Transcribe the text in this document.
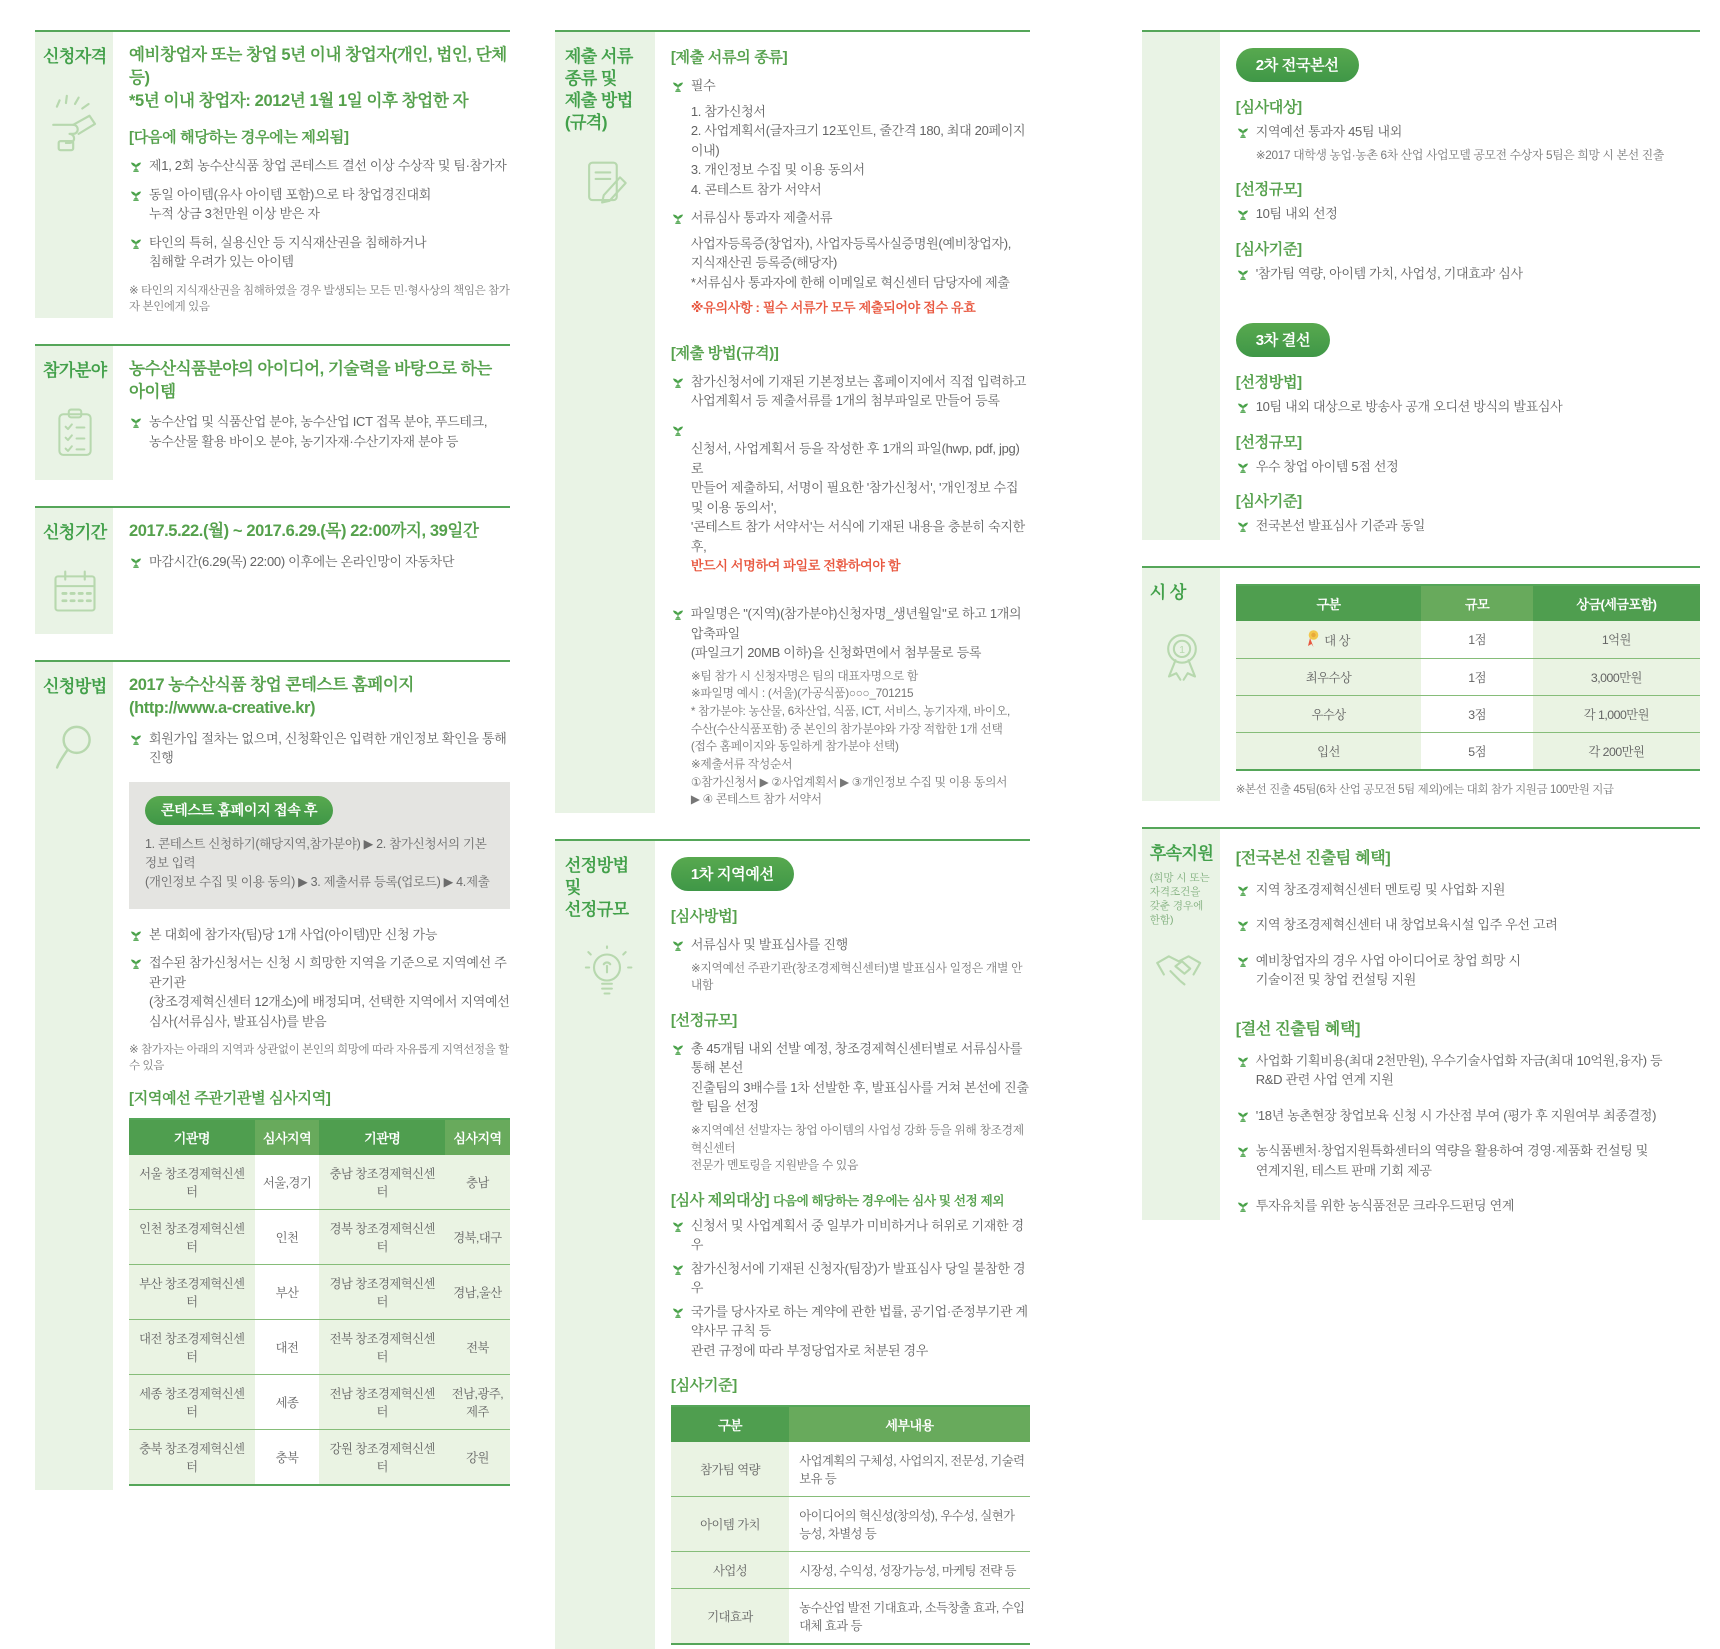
신청자격 예비창업자 또는 창업 5년 이내 창업자(개인, 법인, 단체 등)
*5년 이내 창업자: 2012년 1월 1일 이후 창업한 자
[다음에 해당하는 경우에는 제외됨]
제1, 2회 농수산식품 창업 콘테스트 결선 이상 수상작 및 팀·참가자
동일 아이템(유사 아이템 포함)으로 타 창업경진대회
누적 상금 3천만원 이상 받은 자
타인의 특허, 실용신안 등 지식재산권을 침해하거나
침해할 우려가 있는 아이템
※ 타인의 지식재산권을 침해하였을 경우 발생되는 모든 민·형사상의 책임은 참가자 본인에게 있음
참가분야 농수산식품분야의 아이디어, 기술력을 바탕으로 하는 아이템
농수산업 및 식품산업 분야, 농수산업 ICT 접목 분야, 푸드테크,
농수산물 활용 바이오 분야, 농기자재·수산기자재 분야 등
신청기간 2017.5.22.(월) ~ 2017.6.29.(목) 22:00까지, 39일간
마감시간(6.29(목) 22:00) 이후에는 온라인망이 자동차단
신청방법 2017 농수산식품 창업 콘테스트 홈페이지(http://www.a-creative.kr)
회원가입 절차는 없으며, 신청확인은 입력한 개인정보 확인을 통해 진행
콘테스트 홈페이지 접속 후
1. 콘테스트 신청하기(해당지역,참가분야) ▶ 2. 참가신청서의 기본정보 입력
(개인정보 수집 및 이용 동의) ▶ 3. 제출서류 등록(업로드) ▶ 4.제출
본 대회에 참가자(팀)당 1개 사업(아이템)만 신청 가능
접수된 참가신청서는 신청 시 희망한 지역을 기준으로 지역예선 주관기관
(창조경제혁신센터 12개소)에 배정되며, 선택한 지역에서 지역예선
심사(서류심사, 발표심사)를 받음
※ 참가자는 아래의 지역과 상관없이 본인의 희망에 따라 자유롭게 지역선정을 할 수 있음
[지역예선 주관기관별 심사지역]
기관명	심사지역	기관명	심사지역
서울 창조경제혁신센터	서울,경기	충남 창조경제혁신센터	충남
인천 창조경제혁신센터	인천	경북 창조경제혁신센터	경북,대구
부산 창조경제혁신센터	부산	경남 창조경제혁신센터	경남,울산
대전 창조경제혁신센터	대전	전북 창조경제혁신센터	전북
세종 창조경제혁신센터	세종	전남 창조경제혁신센터	전남,광주,제주
충북 창조경제혁신센터	충북	강원 창조경제혁신센터	강원
제출 서류
종류 및
제출 방법
(규격)
[제출 서류의 종류]
필수
1. 참가신청서
2. 사업계획서(글자크기 12포인트, 줄간격 180, 최대 20페이지 이내)
3. 개인정보 수집 및 이용 동의서
4. 콘테스트 참가 서약서
서류심사 통과자 제출서류
사업자등록증(창업자), 사업자등록사실증명원(예비창업자),
지식재산권 등록증(해당자)
*서류심사 통과자에 한해 이메일로 혁신센터 담당자에 제출
※유의사항 : 필수 서류가 모두 제출되어야 접수 유효
[제출 방법(규격)]
참가신청서에 기재된 기본정보는 홈페이지에서 직접 입력하고
사업계획서 등 제출서류를 1개의 첨부파일로 만들어 등록

신청서, 사업계획서 등을 작성한 후 1개의 파일(hwp, pdf, jpg)로
만들어 제출하되, 서명이 필요한 '참가신청서', '개인정보 수집 및 이용 동의서',
'콘테스트 참가 서약서'는 서식에 기재된 내용을 충분히 숙지한 후,

반드시 서명하여 파일로 전환하여야 함

파일명은 "(지역)(참가분야)신청자명_생년월일"로 하고 1개의 압축파일
(파일크기 20MB 이하)을 신청화면에서 첨부물로 등록
※팀 참가 시 신청자명은 팀의 대표자명으로 함
※파일명 예시 : (서울)(가공식품)○○○_701215
* 참가분야: 농산물, 6차산업, 식품, ICT, 서비스, 농기자재, 바이오,
수산(수산식품포함) 중 본인의 참가분야와 가장 적합한 1개 선택
(접수 홈페이지와 동일하게 참가분야 선택)
※제출서류 작성순서
①참가신청서 ▶ ②사업계획서 ▶ ③개인정보 수집 및 이용 동의서
▶ ④ 콘테스트 참가 서약서
선정방법
및
선정규모
1차 지역예선
[심사방법]
서류심사 및 발표심사를 진행
※지역예선 주관기관(창조경제혁신센터)별 발표심사 일정은 개별 안내함
[선정규모]
총 45개팀 내외 선발 예정, 창조경제혁신센터별로 서류심사를 통해 본선
진출팀의 3배수를 1차 선발한 후, 발표심사를 거쳐 본선에 진출할 팀을 선정
※지역예선 선발자는 창업 아이템의 사업성 강화 등을 위해 창조경제혁신센터
전문가 멘토링을 지원받을 수 있음
[심사 제외대상] 다음에 해당하는 경우에는 심사 및 선정 제외
신청서 및 사업계획서 중 일부가 미비하거나 허위로 기재한 경우
참가신청서에 기재된 신청자(팀장)가 발표심사 당일 불참한 경우
국가를 당사자로 하는 계약에 관한 법률, 공기업·준정부기관 계약사무 규칙 등
관련 규정에 따라 부정당업자로 처분된 경우
[심사기준]
구분	세부내용
참가팀 역량	사업계획의 구체성, 사업의지, 전문성, 기술력 보유 등
아이템 가치	아이디어의 혁신성(창의성), 우수성, 실현가능성, 차별성 등
사업성	시장성, 수익성, 성장가능성, 마케팅 전략 등
기대효과	농수산업 발전 기대효과, 소득창출 효과, 수입대체 효과 등
2차 전국본선
[심사대상]
지역예선 통과자 45팀 내외
※2017 대학생 농업·농촌 6차 산업 사업모델 공모전 수상자 5팀은 희망 시 본선 진출
[선정규모]
10팀 내외 선정
[심사기준]
'참가팀 역량, 아이템 가치, 사업성, 기대효과' 심사
3차 결선
[선정방법]
10팀 내외 대상으로 방송사 공개 오디션 방식의 발표심사
[선정규모]
우수 창업 아이템 5점 선정
[심사기준]
전국본선 발표심사 기준과 동일
시 상
1
구분	규모	상금(세금포함)
대 상	1점	1억원
최우수상	1점	3,000만원
우수상	3점	각 1,000만원
입선	5점	각 200만원
※본선 진출 45팀(6차 산업 공모전 5팀 제외)에는 대회 참가 지원금 100만원 지급
후속지원
(희망 시 또는
자격조건을
갖춘 경우에
한함)
[전국본선 진출팀 혜택]
지역 창조경제혁신센터 멘토링 및 사업화 지원
지역 창조경제혁신센터 내 창업보육시설 입주 우선 고려
예비창업자의 경우 사업 아이디어로 창업 희망 시
기술이전 및 창업 컨설팅 지원
[결선 진출팀 혜택]
사업화 기획비용(최대 2천만원), 우수기술사업화 자금(최대 10억원,융자) 등
R&D 관련 사업 연계 지원
'18년 농촌현장 창업보육 신청 시 가산점 부여 (평가 후 지원여부 최종결정)
농식품벤처·창업지원특화센터의 역량을 활용하여 경영·제품화 컨설팅 및
연계지원, 테스트 판매 기회 제공
투자유치를 위한 농식품전문 크라우드펀딩 연계
